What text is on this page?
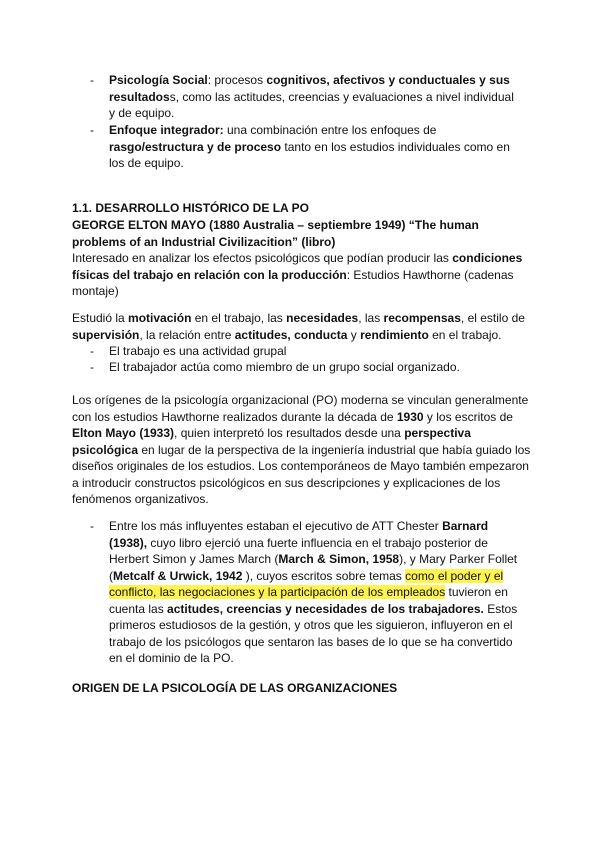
-	Psicología Social: procesos cognitivos, afectivos y conductuales y sus resultadoss, como las actitudes, creencias y evaluaciones a nivel individual y de equipo.
-	Enfoque integrador: una combinación entre los enfoques de rasgo/estructura y de proceso tanto en los estudios individuales como en los de equipo.

1.1. DESARROLLO HISTÓRICO DE LA PO

GEORGE ELTON MAYO (1880 Australia – septiembre 1949) “The human problems of an Industrial Civilizacition” (libro)

Interesado en analizar los efectos psicológicos que podían producir las condiciones físicas del trabajo en relación con la producción: Estudios Hawthorne (cadenas montaje)

Estudió la motivación en el trabajo, las necesidades, las recompensas, el estilo de supervisión, la relación entre actitudes, conducta y rendimiento en el trabajo.

-	El trabajo es una actividad grupal
-	El trabajador actúa como miembro de un grupo social organizado.

Los orígenes de la psicología organizacional (PO) moderna se vinculan generalmente con los estudios Hawthorne realizados durante la década de 1930 y los escritos de Elton Mayo (1933), quien interpretó los resultados desde una perspectiva psicológica en lugar de la perspectiva de la ingeniería industrial que había guiado los diseños originales de los estudios. Los contemporáneos de Mayo también empezaron a introducir constructos psicológicos en sus descripciones y explicaciones de los fenómenos organizativos.

-	Entre los más influyentes estaban el ejecutivo de ATT Chester Barnard (1938), cuyo libro ejerció una fuerte influencia en el trabajo posterior de Herbert Simon y James March (March & Simon, 1958), y Mary Parker Follet (Metcalf & Urwick, 1942 ), cuyos escritos sobre temas como el poder y el conflicto, las negociaciones y la participación de los empleados tuvieron en cuenta las actitudes, creencias y necesidades de los trabajadores. Estos primeros estudiosos de la gestión, y otros que les siguieron, influyeron en el trabajo de los psicólogos que sentaron las bases de lo que se ha convertido en el dominio de la PO.

ORIGEN DE LA PSICOLOGÍA DE LAS ORGANIZACIONES
